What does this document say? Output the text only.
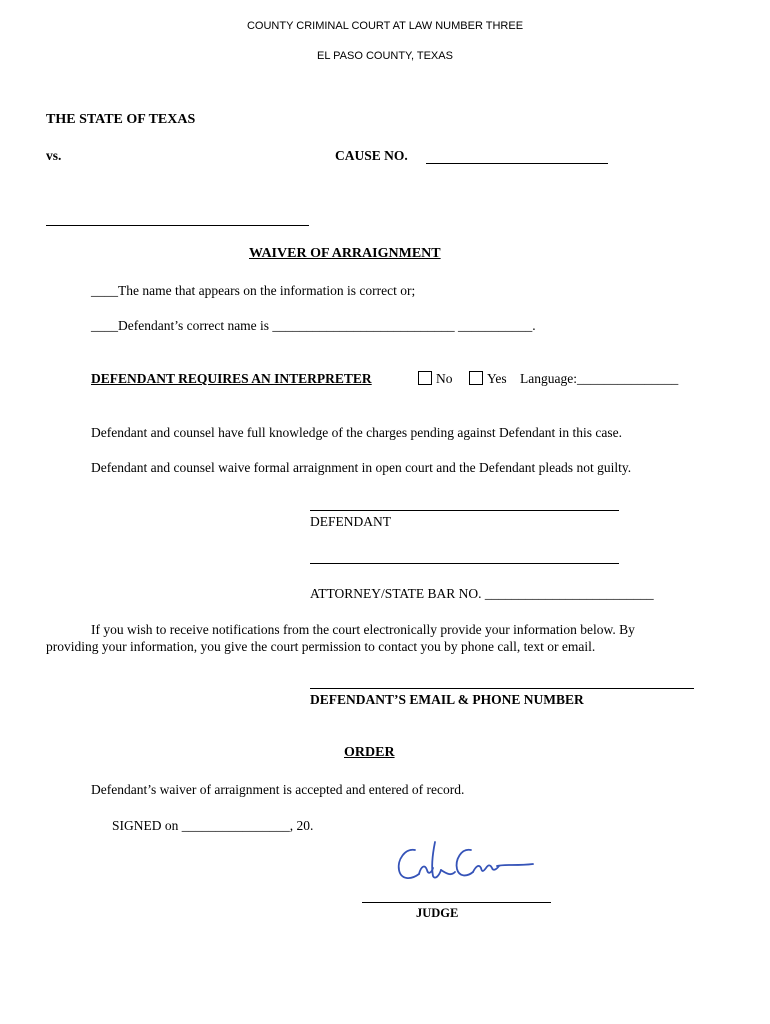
COUNTY CRIMINAL COURT AT LAW NUMBER THREE
EL PASO COUNTY, TEXAS
THE STATE OF TEXAS
vs.	CAUSE NO.
WAIVER OF ARRAIGNMENT
____The name that appears on the information is correct or;
____Defendant’s correct name is ___________________________ ___________.
DEFENDANT REQUIRES AN INTERPRETER	No	Yes Language:_______________
Defendant and counsel have full knowledge of the charges pending against Defendant in this case.
Defendant and counsel waive formal arraignment in open court and the Defendant pleads not guilty.
DEFENDANT
ATTORNEY/STATE BAR NO. _________________________
If you wish to receive notifications from the court electronically provide your information below. By
providing your information, you give the court permission to contact you by phone call, text or email.
DEFENDANT’S EMAIL & PHONE NUMBER
ORDER
Defendant’s waiver of arraignment is accepted and entered of record.
SIGNED on ________________, 20.
JUDGE
